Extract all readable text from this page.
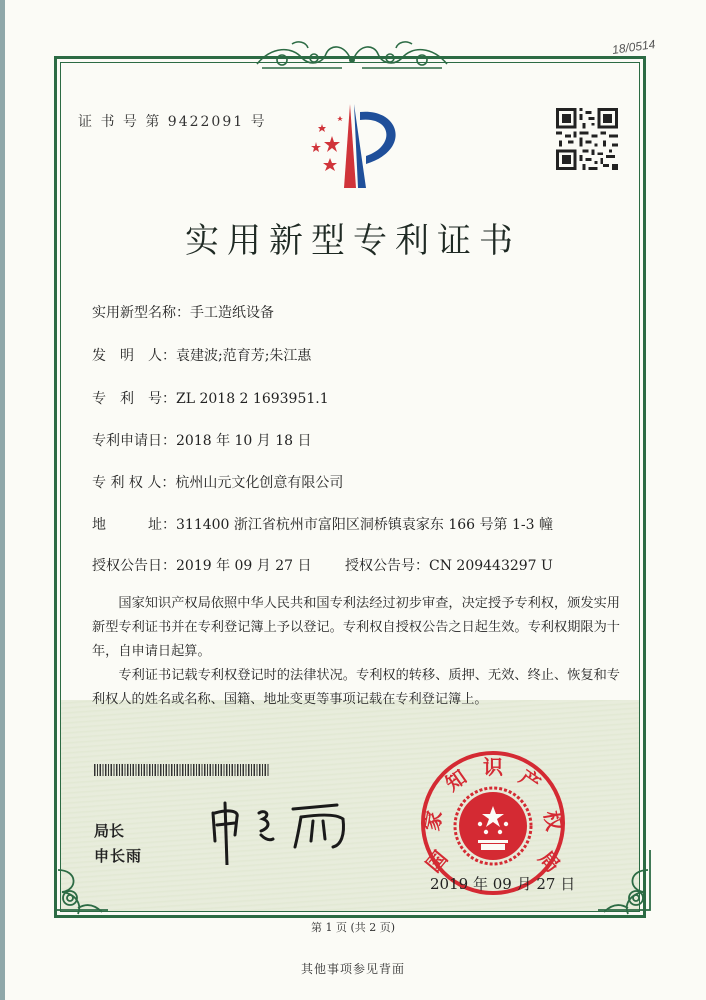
18/0514
证 书 号 第 9422091 号
实用新型专利证书
实用新型名称：手工造纸设备
发　明　人：袁建波;范育芳;朱江惠
专　利　号：ZL 2018 2 1693951.1
专利申请日：2018 年 10 月 18 日
专 利 权 人：杭州山元文化创意有限公司
地　　　址：311400 浙江省杭州市富阳区洞桥镇袁家东 166 号第 1-3 幢
授权公告日：2019 年 09 月 27 日 授权公告号：CN 209443297 U

国家知识产权局依照中华人民共和国专利法经过初步审查，决定授予专利权，颁发实用新型专利证书并在专利登记簿上予以登记。专利权自授权公告之日起生效。专利权期限为十年，自申请日起算。

专利证书记载专利权登记时的法律状况。专利权的转移、质押、无效、终止、恢复和专利权人的姓名或名称、国籍、地址变更等事项记载在专利登记簿上。

局长
申长雨	国
家
知 识 产
权
局
2019 年 09 月 27 日
第 1 页 (共 2 页)
其他事项参见背面
